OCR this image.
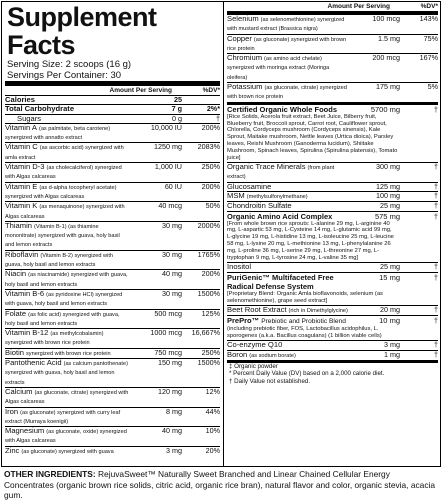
Supplement Facts
Serving Size: 2 scoops (16 g)
Servings Per Container: 30
Amount Per Serving	%DV*
Calories	25
Total Carbohydrate	7 g	2%*
Sugars	0 g	†
Vitamin A (as palmitate, beta carotene) synergized with annatto extract
10,000 IU	200%
Vitamin C (as ascorbic acid) synergized with amla extract
1250 mg	2083%
Vitamin D-3 (as cholecalciferol) synergized with Algas calcareas
1,000 IU	250%
Vitamin E (as d-alpha tocopheryl acetate) synergized with Algas calcareas
60 IU	200%
Vitamin K (as menaquinone) synergized with Algas calcareas
40 mcg	50%
Thiamin (Vitamin B-1) (as thiamine mononitrate) synergized with guava, holy basil and lemon extracts
30 mg	2000%
Riboflavin (Vitamin B-2) synergized with guava, holy basil and lemon extracts
30 mg	1765%
Niacin (as niacinamide) synergized with guava, holy basil and lemon extracts
40 mg	200%
Vitamin B-6 (as pyridoxine HCl) synergized with guava, holy basil and lemon extracts
30 mg	1500%
Folate (as folic acid) synergized with guava, holy basil and lemon extracts
500 mcg	125%
Vitamin B-12 (as methylcobalamin) synergized with brown rice protein
1000 mcg	16,667%
Biotin synergized with brown rice protein	750 mcg	250%
Pantothenic Acid (as calcium pantothenate) synergized with guava, holy basil and lemon extracts
150 mg	1500%
Calcium (as gluconate, citrate) synergized with Algas calcareas
120 mg	12%
Iron (as gluconate) synergized with curry leaf extract (Murraya koenigii)
8 mg	44%
Magnesium (as gluconate, oxide) synergized with Algas calcareas
40 mg	10%
Zinc (as gluconate) synergized with guava	3 mg	20%
Amount Per Serving	%DV*
Selenium (as selenomethionine) synergized with mustard extract (Brassica nigra)
100 mcg	143%
Copper (as gluconate) synergized with brown rice protein
1.5 mg	75%
Chromium (as amino acid chelate) synergized with moringa extract (Moringa oleifera)
200 mcg	167%
Potassium (as gluconate, citrate) synergized with brown rice protein
175 mg	5%
Certified Organic Whole Foods	5700 mg	†
[Rice Solids, Acerola fruit extract, Beet Juice, Bilberry fruit, Blueberry fruit, Broccoli sprout, Carrot root, Cauliflower sprout, Chlorella, Cordyceps mushroom (Cordyceps sinensis), Kale Sprout, Maitake mushroom, Nettle leaves (Urtica dioica), Parsley leaves, Reishi Mushroom (Ganoderma lucidum), Shiitake Mushroom, Spinach leaves, Spirulina (Spirulina platensis), Tomato juice]
Organic Trace Minerals (from plant extract)
300 mg	†
Glucosamine	125 mg	†
MSM (methylsulfonylmethane)	100 mg	†
Chondroitin Sulfate	25 mg	†
Organic Amino Acid Complex	575 mg	†
[From whole brown rice sprouts: L-alanine 29 mg, L-arginine 40 mg, L-aspartic 53 mg, L-Cysteine 14 mg, L-glutamic acid 99 mg, L-glycine 19 mg, L-histidine 13 mg, L-isoleucine 25 mg, L-leucine 58 mg, L-lysine 20 mg, L-methionine 13 mg, L-phenylalanine 26 mg, L-proline 36 mg, L-serine 29 mg, L-threonine 27 mg, L-tryptophan 9 mg, L-tyrosine 24 mg, L-valine 35 mg]
Inositol	25 mg	†
PuriGenic™ Multifaceted Free Radical Defense System
15 mg	†
[Proprietary Blend: Organic Amla bioflavonoids, selenium (as selenomethionine), grape seed extract]
Beet Root Extract (rich in Dimethylglycine)	20 mg	†
PrePro™ Prebiotic and Probiotic Blend	10 mg	†
(including prebiotic fiber, FOS, Lactobacillus acidophilus, L. sporogenes (a.k.a. Bacillus coagulans) (1 billion viable cells)
Co-enzyme Q10	3 mg	†
Boron (as sodium borate)	1 mg	†
‡ Organic powder
* Percent Daily Value (DV) based on a 2,000 calorie diet.
† Daily Value not established.
OTHER INGREDIENTS: RejuvaSweet™ Naturally Sweet Branched and Linear Chained Cellular Energy Concentrates (organic brown rice solids, citric acid, organic rice bran), natural flavor and color, organic stevia, acacia gum.
